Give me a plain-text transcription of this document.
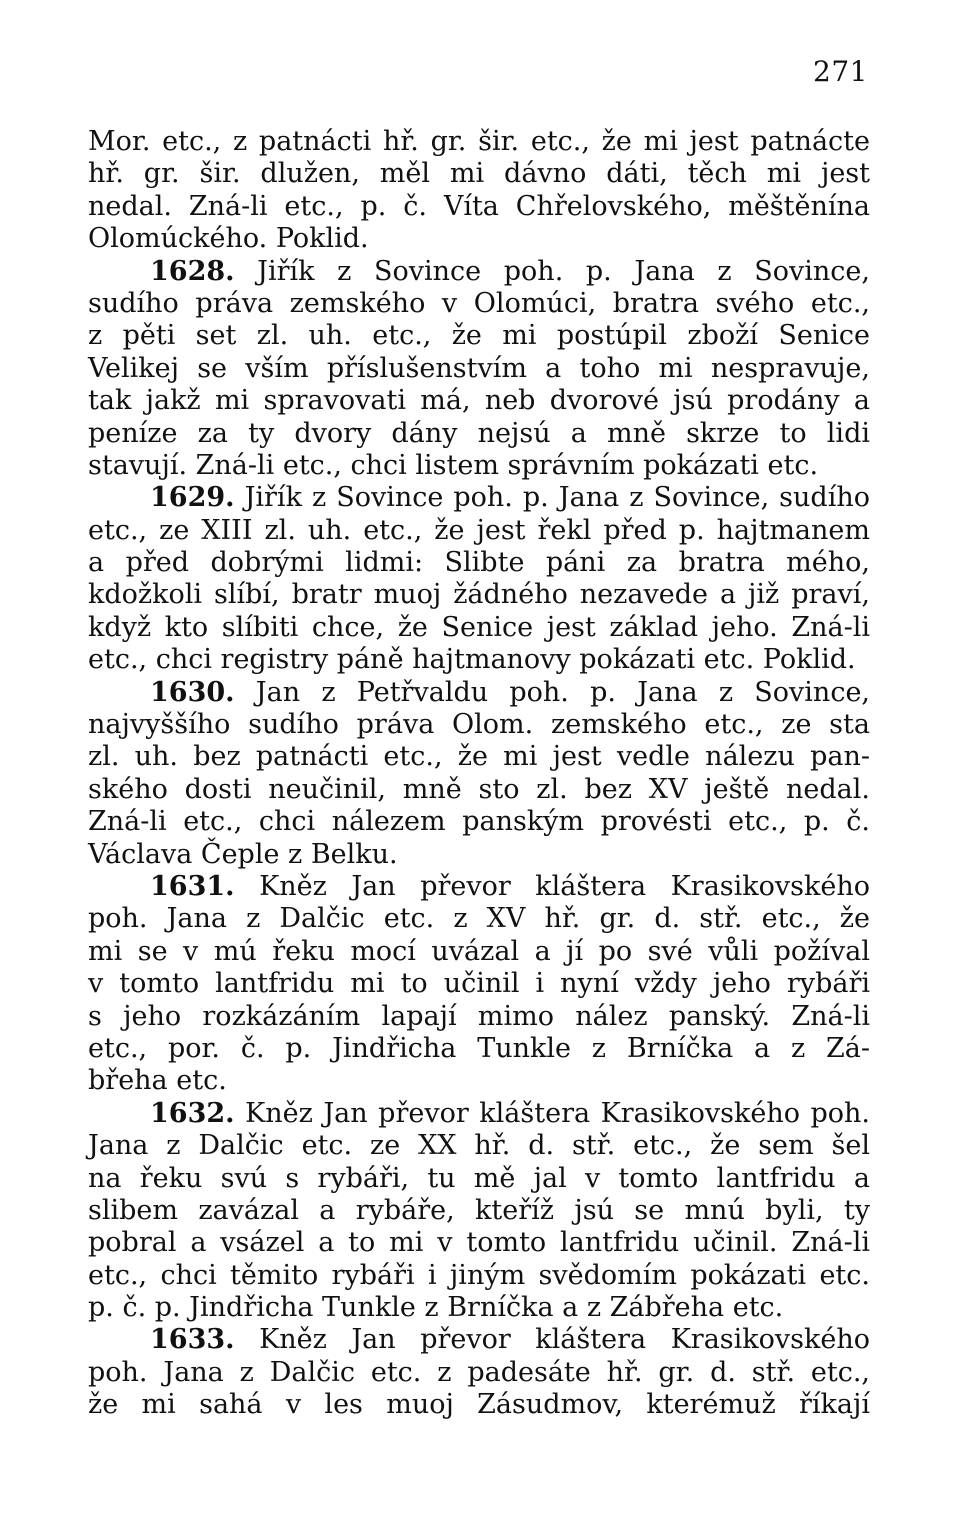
271
Mor. etc., z patnácti hř. gr. šir. etc., že mi jest patnácte
hř. gr. šir. dlužen, měl mi dávno dáti, těch mi jest
nedal. Zná-li etc., p. č. Víta Chřelovského, měštěnína
Olomúckého. Poklid.
1628. Jiřík z Sovince poh. p. Jana z Sovince,
sudího práva zemského v Olomúci, bratra svého etc.,
z pěti set zl. uh. etc., že mi postúpil zboží Senice
Velikej se vším příslušenstvím a toho mi nespravuje,
tak jakž mi spravovati má, neb dvorové jsú prodány a
peníze za ty dvory dány nejsú a mně skrze to lidi
stavují. Zná-li etc., chci listem správním pokázati etc.
1629. Jiřík z Sovince poh. p. Jana z Sovince, sudího
etc., ze XIII zl. uh. etc., že jest řekl před p. hajtmanem
a před dobrými lidmi: Slibte páni za bratra mého,
kdožkoli slíbí, bratr muoj žádného nezavede a již praví,
když kto slíbiti chce, že Senice jest základ jeho. Zná-li
etc., chci registry páně hajtmanovy pokázati etc. Poklid.
1630. Jan z Petřvaldu poh. p. Jana z Sovince,
najvyššího sudího práva Olom. zemského etc., ze sta
zl. uh. bez patnácti etc., že mi jest vedle nálezu pan-
ského dosti neučinil, mně sto zl. bez XV ještě nedal.
Zná-li etc., chci nálezem panským provésti etc., p. č.
Václava Čeple z Belku.
1631. Kněz Jan převor kláštera Krasikovského
poh. Jana z Dalčic etc. z XV hř. gr. d. stř. etc., že
mi se v mú řeku mocí uvázal a jí po své vůli požíval
v tomto lantfridu mi to učinil i nyní vždy jeho rybáři
s jeho rozkázáním lapají mimo nález panský. Zná-li
etc., por. č. p. Jindřicha Tunkle z Brníčka a z Zá-
břeha etc.
1632. Kněz Jan převor kláštera Krasikovského poh.
Jana z Dalčic etc. ze XX hř. d. stř. etc., že sem šel
na řeku svú s rybáři, tu mě jal v tomto lantfridu a
slibem zavázal a rybáře, kteříž jsú se mnú byli, ty
pobral a vsázel a to mi v tomto lantfridu učinil. Zná-li
etc., chci těmito rybáři i jiným svědomím pokázati etc.
p. č. p. Jindřicha Tunkle z Brníčka a z Zábřeha etc.
1633. Kněz Jan převor kláštera Krasikovského
poh. Jana z Dalčic etc. z padesáte hř. gr. d. stř. etc.,
že mi sahá v les muoj Zásudmov, kterémuž říkají
